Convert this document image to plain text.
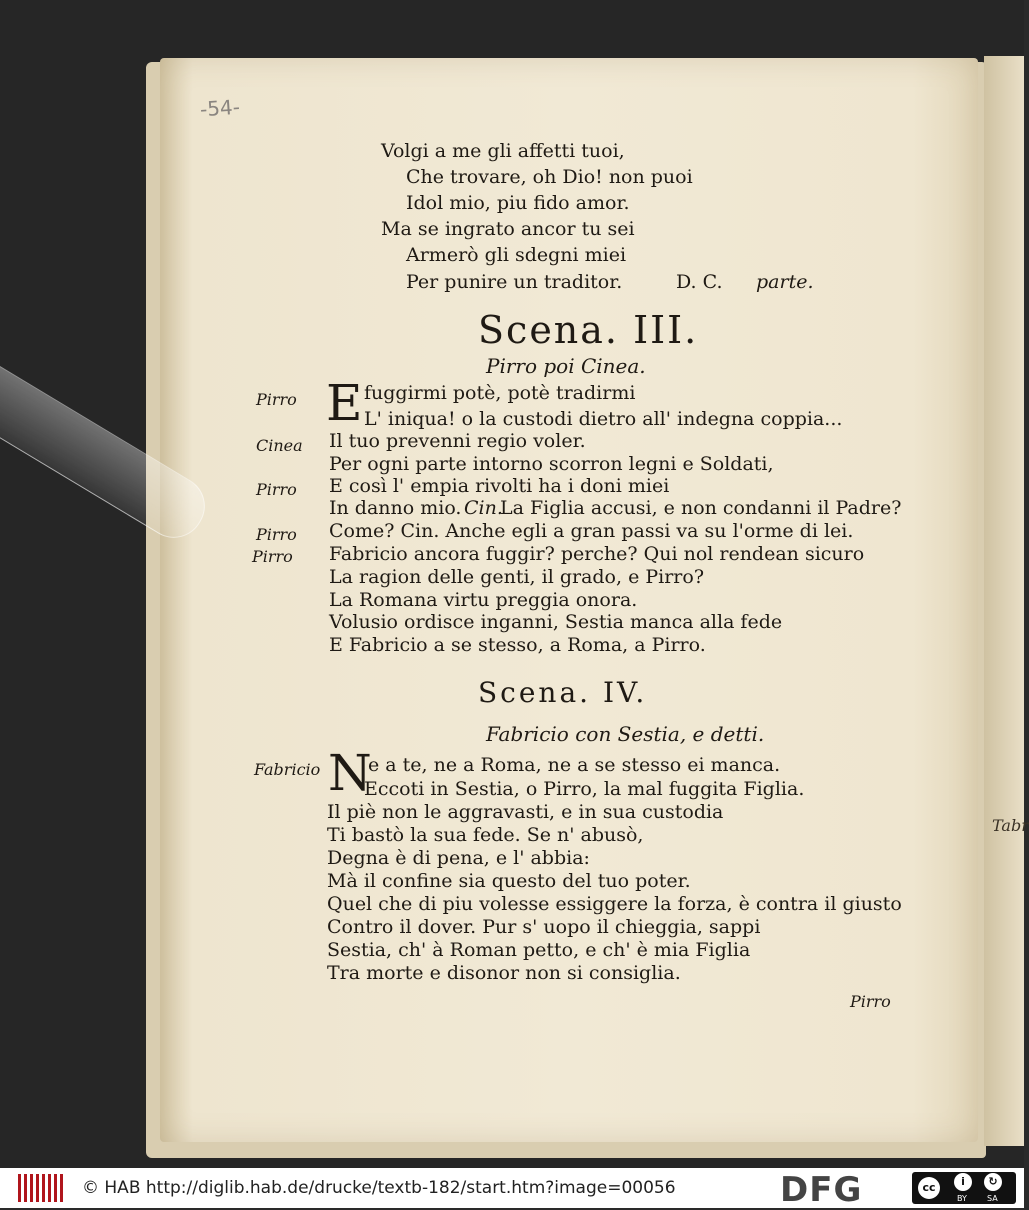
Tabr
-54-
Volgi a me gli affetti tuoi,
Che trovare, oh Dio! non puoi
Idol mio, piu fido amor.
Ma se ingrato ancor tu sei
Armerò gli sdegni miei
Per punire un traditor.	D. C. parte.
Scena. III.
Pirro poi Cinea.
Pirro E fuggirmi potè, potè tradirmi
L' iniqua! o la custodi dietro all' indegna coppia...
Cinea Il tuo prevenni regio voler.
Per ogni parte intorno scorron legni e Soldati,
Pirro E così l' empia rivolti ha i doni miei
In danno mio. Cin.
La Figlia accusi, e non condanni il Padre?
Pirro Come? Cin. Anche egli a gran passi va su l'orme di lei.
Pirro Fabricio ancora fuggir? perche? Qui nol rendean sicuro
La ragion delle genti, il grado, e Pirro?
La Romana virtu preggia onora.
Volusio ordisce inganni, Sestia manca alla fede
E Fabricio a se stesso, a Roma, a Pirro.
Scena. IV.
Fabricio con Sestia, e detti.
Fabricio N
e a te, ne a Roma, ne a se stesso ei manca.
Eccoti in Sestia, o Pirro, la mal fuggita Figlia.
Il piè non le aggravasti, e in sua custodia
Ti bastò la sua fede. Se n' abusò,
Degna è di pena, e l' abbia:
Mà il confine sia questo del tuo poter.
Quel che di piu volesse essiggere la forza, è contra il giusto
Contro il dover. Pur s' uopo il chieggia, sappi
Sestia, ch' à Roman petto, e ch' è mia Figlia
Tra morte e disonor non si consiglia.
Pirro
© HAB http://diglib.hab.de/drucke/textb-182/start.htm?image=00056	DFG	cc	i
BY
↻
SA
